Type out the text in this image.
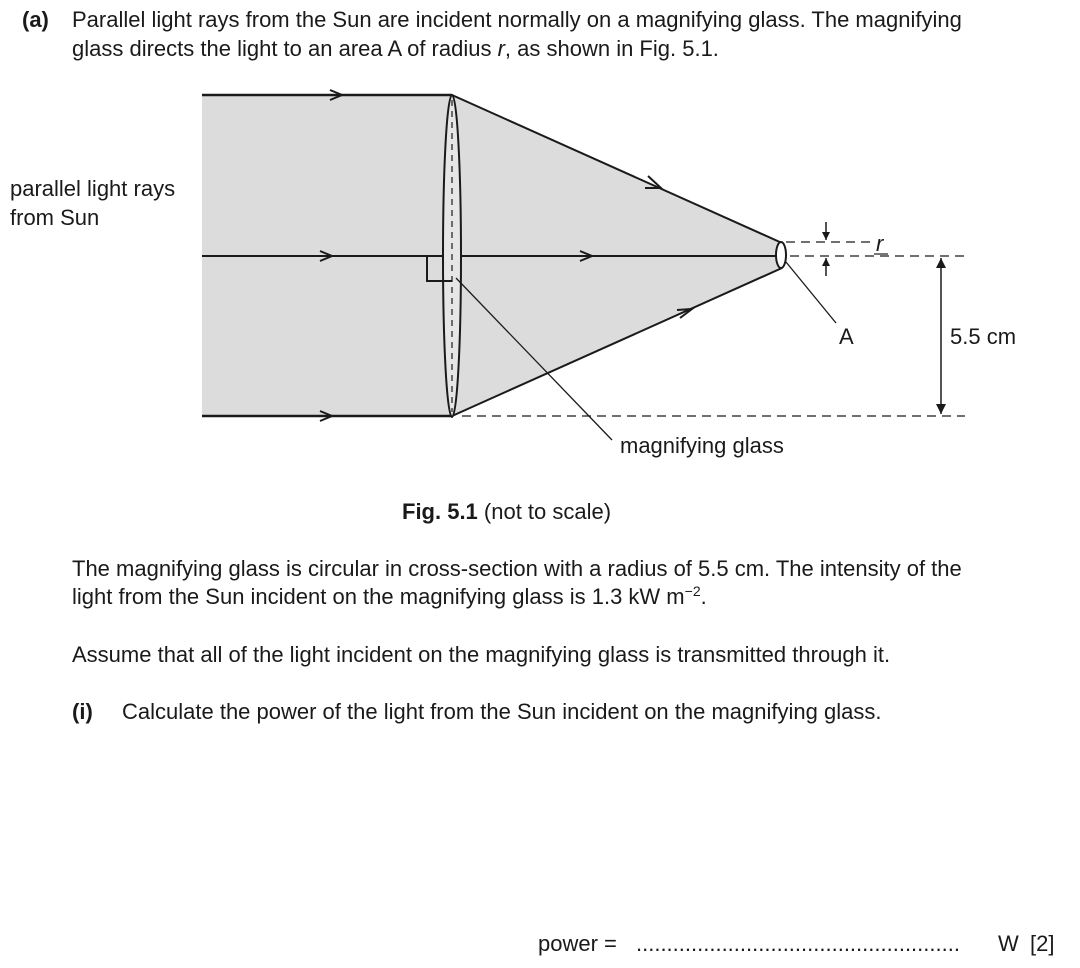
(a) Parallel light rays from the Sun are incident normally on a magnifying glass. The magnifying
glass directs the light to an area A of radius r, as shown in Fig. 5.1.
parallel light rays
from Sun
r
A	5.5 cm
magnifying glass
Fig. 5.1 (not to scale)
The magnifying glass is circular in cross-section with a radius of 5.5 cm. The intensity of the
light from the Sun incident on the magnifying glass is 1.3 kW $m^{-2}$.
Assume that all of the light incident on the magnifying glass is transmitted through it.
(i) Calculate the power of the light from the Sun incident on the magnifying glass.
power = ..................................................... W [2]
